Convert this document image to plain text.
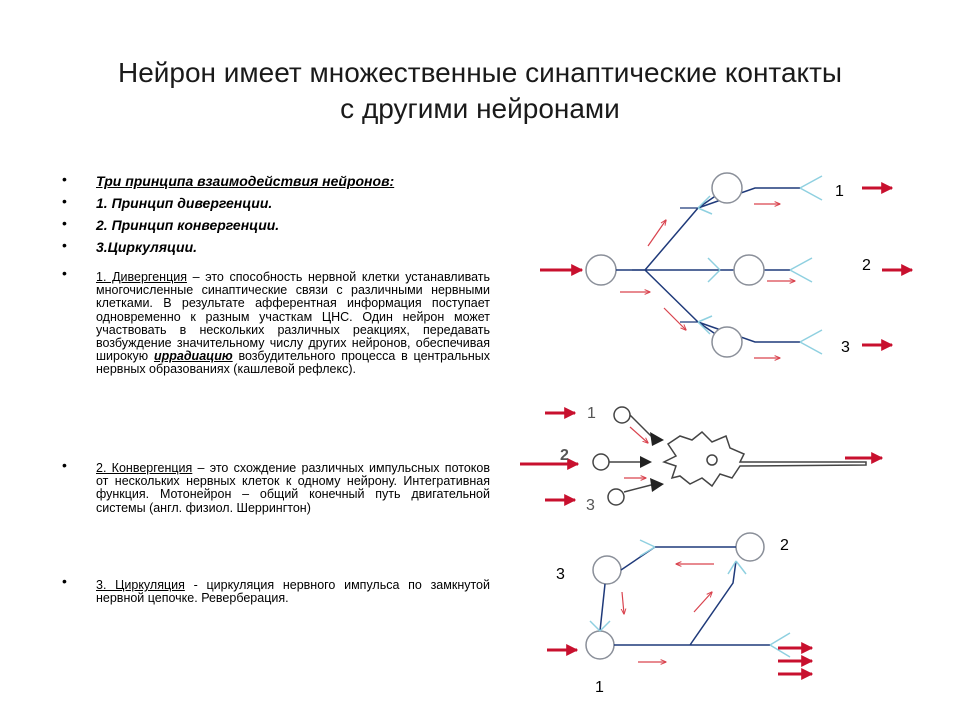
Нейрон имеет множественные синаптические контакты
с другими нейронами
• Три принципа взаимодействия нейронов:
• 1. Принцип дивергенции.
• 2. Принцип конвергенции.
• 3.Циркуляции.
• 1. Дивергенция – это способность нервной клетки устанавливать многочисленные синаптические связи с различными нервными клетками. В результате афферентная информация поступает одновременно к разным участкам ЦНС. Один нейрон может участвовать в нескольких различных реакциях, передавать возбуждение значительному числу других нейронов, обеспечивая широкую иррадиацию возбудительного процесса в центральных нервных образованиях (кашлевой рефлекс).
• 2. Конвергенция – это схождение различных импульсных потоков от нескольких нервных клеток к одному нейрону. Интегративная функция. Мотонейрон – общий конечный путь двигательной системы (англ. физиол. Шеррингтон)
• 3. Циркуляция - циркуляция нервного импульса по замкнутой нервной цепочке. Реверберация.
1
2
3
1
2
3
1
2
3
